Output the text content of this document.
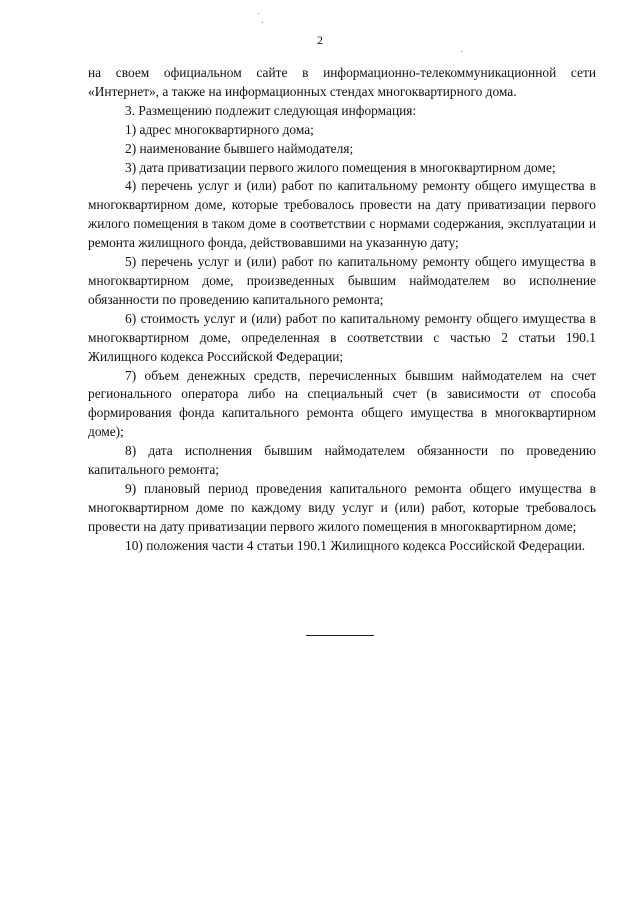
2

на своем официальном сайте в информационно-телекоммуникационной сети «Интернет», а также на информационных стендах многоквартирного дома.

3. Размещению подлежит следующая информация:

1) адрес многоквартирного дома;

2) наименование бывшего наймодателя;

3) дата приватизации первого жилого помещения в многоквартирном доме;

4) перечень услуг и (или) работ по капитальному ремонту общего имущества в многоквартирном доме, которые требовалось провести на дату приватизации первого жилого помещения в таком доме в соответствии с нормами содержания, эксплуатации и ремонта жилищного фонда, действовавшими на указанную дату;

5) перечень услуг и (или) работ по капитальному ремонту общего имущества в многоквартирном доме, произведенных бывшим наймодателем во исполнение обязанности по проведению капитального ремонта;

6) стоимость услуг и (или) работ по капитальному ремонту общего имущества в многоквартирном доме, определенная в соответствии с частью 2 статьи 190.1 Жилищного кодекса Российской Федерации;

7) объем денежных средств, перечисленных бывшим наймодателем на счет регионального оператора либо на специальный счет (в зависимости от способа формирования фонда капитального ремонта общего имущества в многоквартирном доме);

8) дата исполнения бывшим наймодателем обязанности по проведению капитального ремонта;

9) плановый период проведения капитального ремонта общего имущества в многоквартирном доме по каждому виду услуг и (или) работ, которые требовалось провести на дату приватизации первого жилого помещения в многоквартирном доме;

10) положения части 4 статьи 190.1 Жилищного кодекса Российской Федерации.
